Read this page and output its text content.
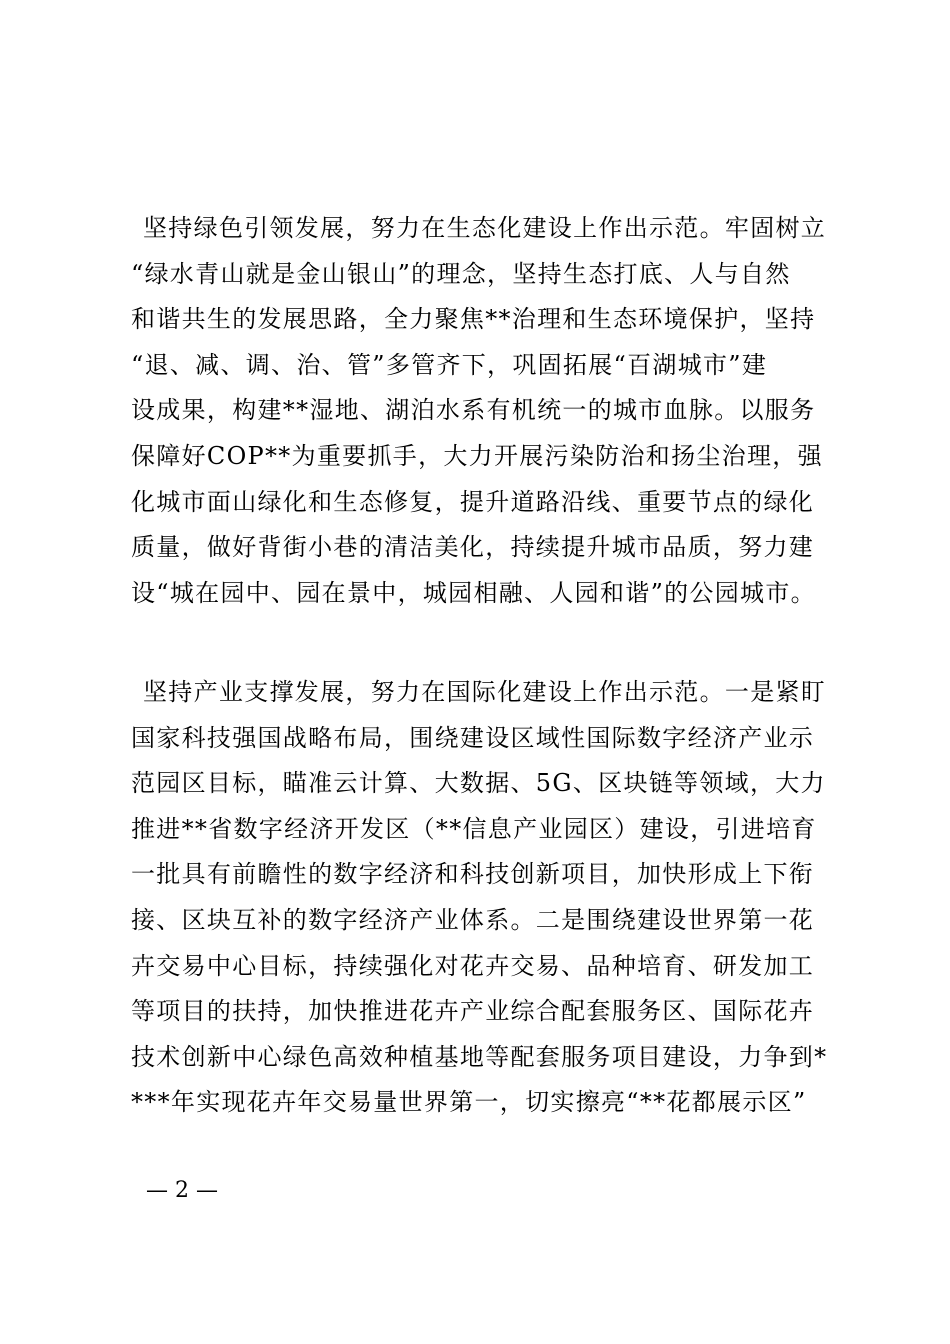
坚持绿色引领发展，努力在生态化建设上作出示范。牢固树立
“绿水青山就是金山银山”的理念，坚持生态打底、人与自然
和谐共生的发展思路，全力聚焦**治理和生态环境保护，坚持
“退、减、调、治、管”多管齐下，巩固拓展“百湖城市”建
设成果，构建**湿地、湖泊水系有机统一的城市血脉。以服务
保障好COP**为重要抓手，大力开展污染防治和扬尘治理，强
化城市面山绿化和生态修复，提升道路沿线、重要节点的绿化
质量，做好背街小巷的清洁美化，持续提升城市品质，努力建
设“城在园中、园在景中，城园相融、人园和谐”的公园城市。
坚持产业支撑发展，努力在国际化建设上作出示范。一是紧盯
国家科技强国战略布局，围绕建设区域性国际数字经济产业示
范园区目标，瞄准云计算、大数据、5G、区块链等领域，大力
推进**省数字经济开发区（**信息产业园区）建设，引进培育
一批具有前瞻性的数字经济和科技创新项目，加快形成上下衔
接、区块互补的数字经济产业体系。二是围绕建设世界第一花
卉交易中心目标，持续强化对花卉交易、品种培育、研发加工
等项目的扶持，加快推进花卉产业综合配套服务区、国际花卉
技术创新中心绿色高效种植基地等配套服务项目建设，力争到*
***年实现花卉年交易量世界第一，切实擦亮“**花都展示区”
— 2 —
